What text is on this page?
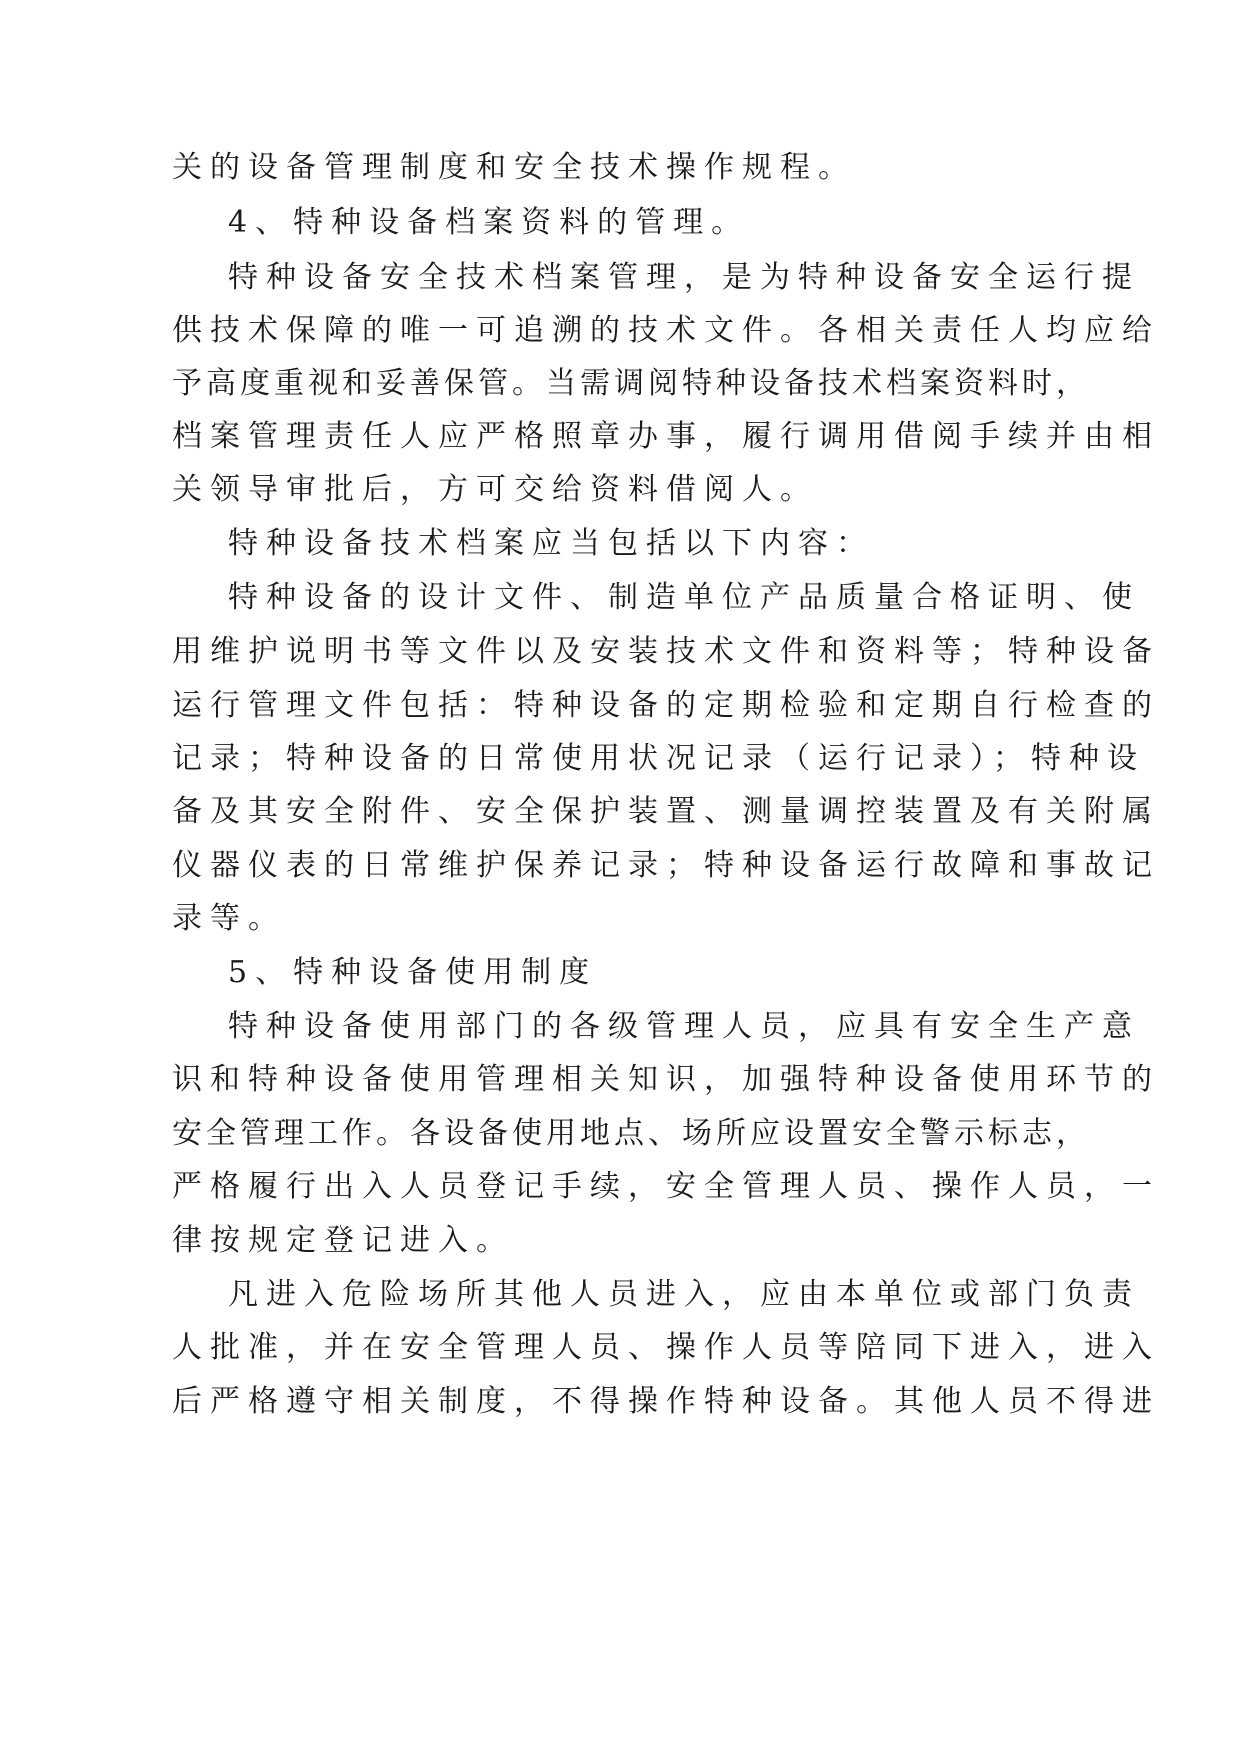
关的设备管理制度和安全技术操作规程。
4、特种设备档案资料的管理。
特种设备安全技术档案管理，是为特种设备安全运行提
供技术保障的唯一可追溯的技术文件。各相关责任人均应给
予高度重视和妥善保管。当需调阅特种设备技术档案资料时，
档案管理责任人应严格照章办事，履行调用借阅手续并由相
关领导审批后，方可交给资料借阅人。
特种设备技术档案应当包括以下内容：
特种设备的设计文件、制造单位产品质量合格证明、使
用维护说明书等文件以及安装技术文件和资料等；特种设备
运行管理文件包括：特种设备的定期检验和定期自行检查的
记录；特种设备的日常使用状况记录（运行记录）；特种设
备及其安全附件、安全保护装置、测量调控装置及有关附属
仪器仪表的日常维护保养记录；特种设备运行故障和事故记
录等。
5、特种设备使用制度
特种设备使用部门的各级管理人员，应具有安全生产意
识和特种设备使用管理相关知识，加强特种设备使用环节的
安全管理工作。各设备使用地点、场所应设置安全警示标志，
严格履行出入人员登记手续，安全管理人员、操作人员，一
律按规定登记进入。
凡进入危险场所其他人员进入，应由本单位或部门负责
人批准，并在安全管理人员、操作人员等陪同下进入，进入
后严格遵守相关制度，不得操作特种设备。其他人员不得进
